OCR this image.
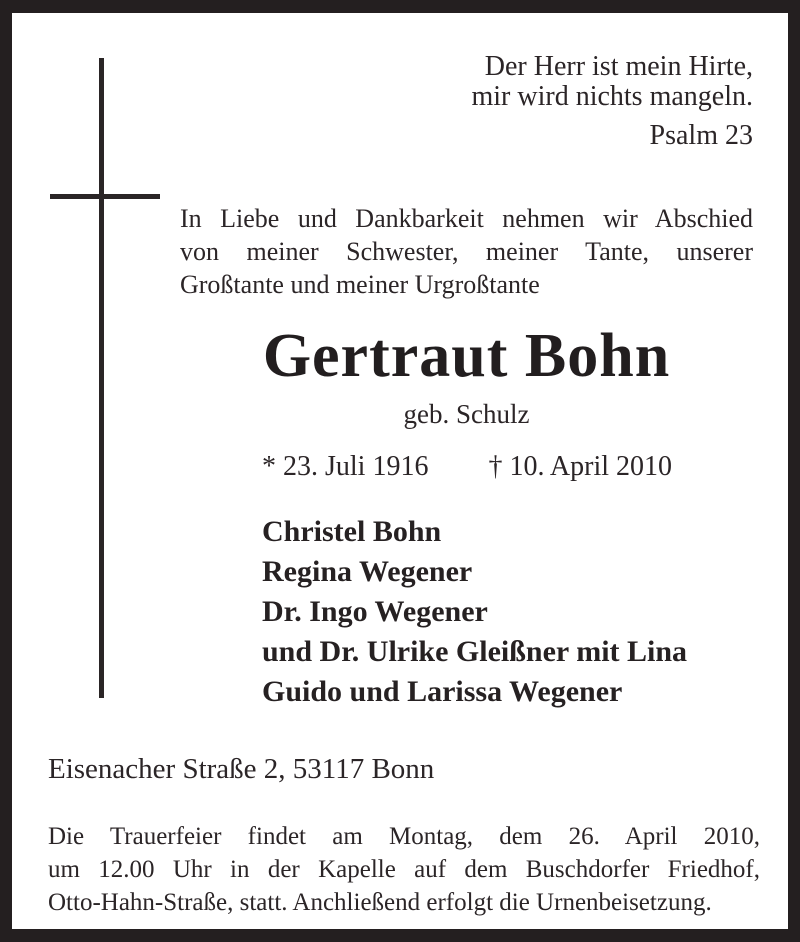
Der Herr ist mein Hirte,
mir wird nichts mangeln.
Psalm 23
In Liebe und Dankbarkeit nehmen wir Abschied
von meiner Schwester, meiner Tante, unserer
Großtante und meiner Urgroßtante
Gertraut Bohn
geb. Schulz
* 23. Juli 1916 † 10. April 2010
Christel Bohn
Regina Wegener
Dr. Ingo Wegener
und Dr. Ulrike Gleißner mit Lina
Guido und Larissa Wegener
Eisenacher Straße 2, 53117 Bonn
Die Trauerfeier findet am Montag, dem 26. April 2010,
um 12.00 Uhr in der Kapelle auf dem Buschdorfer Friedhof,
Otto-Hahn-Straße, statt. Anchließend erfolgt die Urnenbeisetzung.
